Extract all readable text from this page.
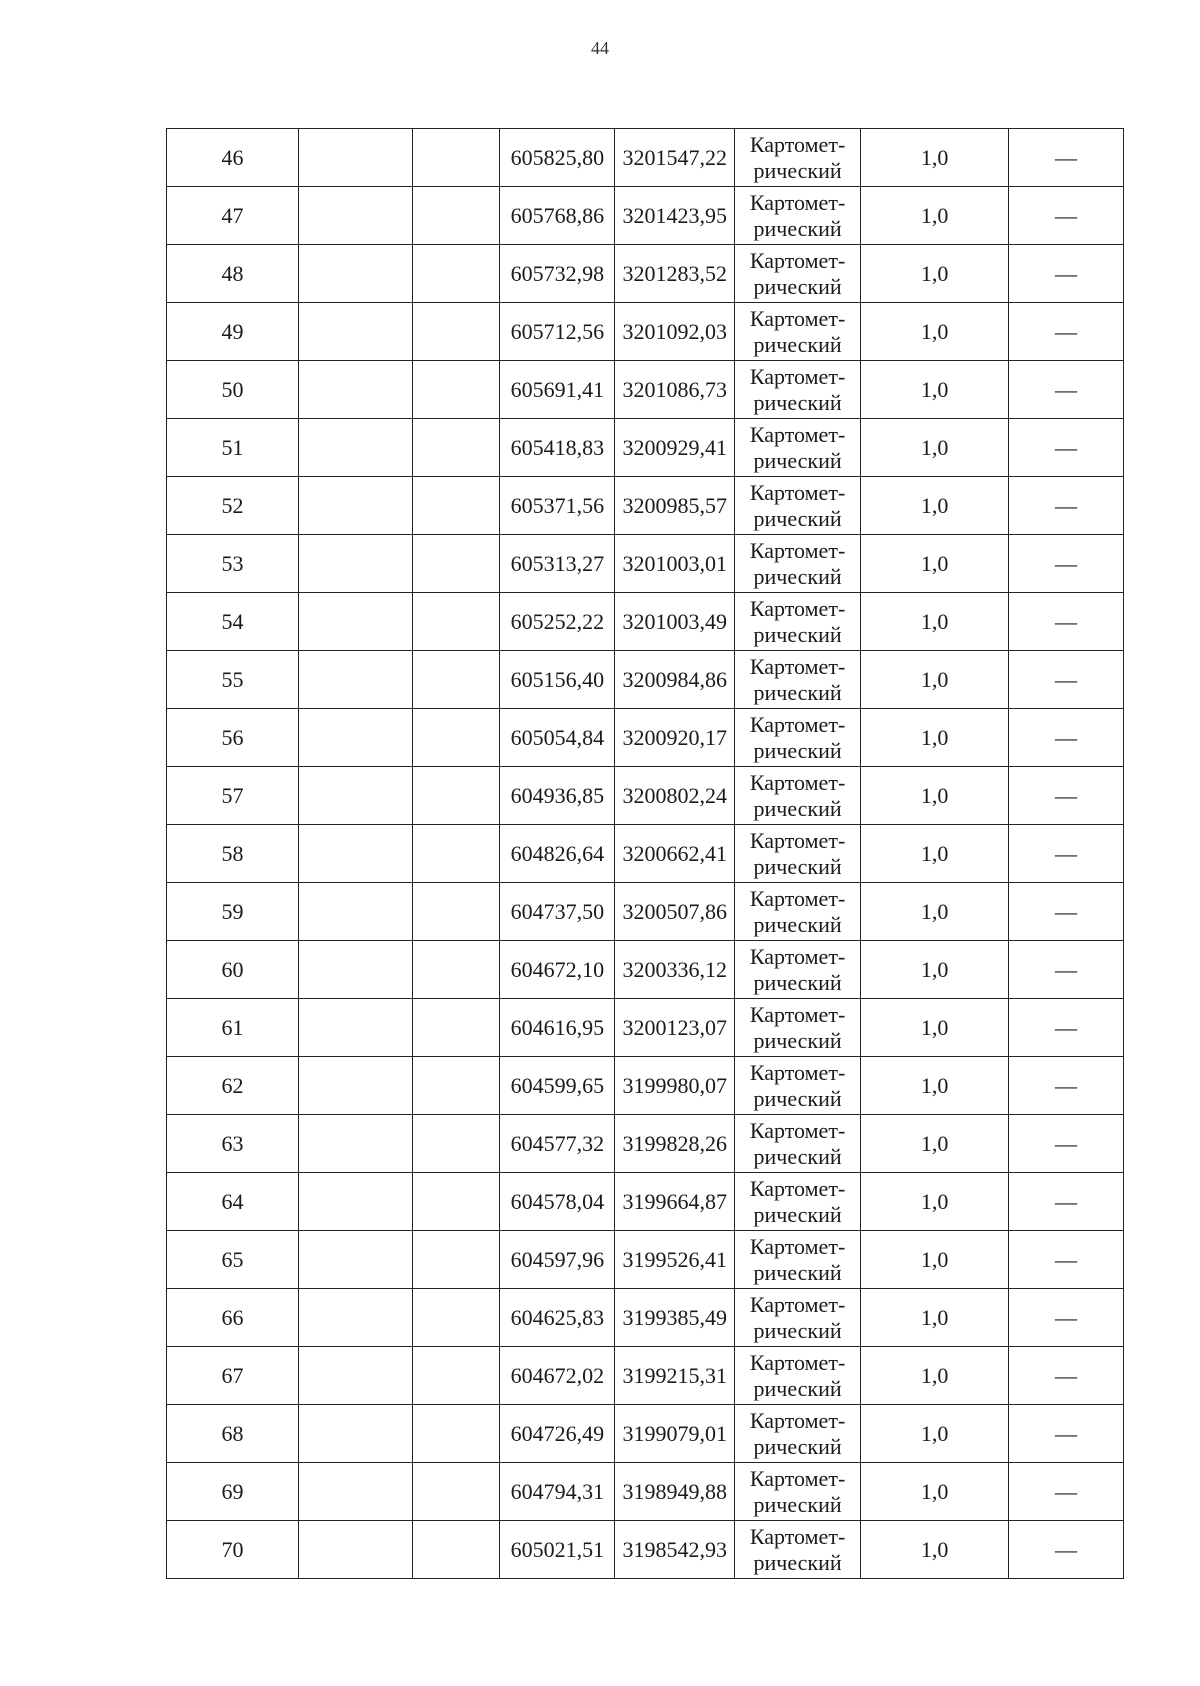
44
46			605825,80	3201547,22	Картомет-
рический	1,0	—

47			605768,86	3201423,95	Картомет-
рический	1,0	—

48			605732,98	3201283,52	Картомет-
рический	1,0	—

49			605712,56	3201092,03	Картомет-
рический	1,0	—

50			605691,41	3201086,73	Картомет-
рический	1,0	—

51			605418,83	3200929,41	Картомет-
рический	1,0	—

52			605371,56	3200985,57	Картомет-
рический	1,0	—

53			605313,27	3201003,01	Картомет-
рический	1,0	—

54			605252,22	3201003,49	Картомет-
рический	1,0	—

55			605156,40	3200984,86	Картомет-
рический	1,0	—

56			605054,84	3200920,17	Картомет-
рический	1,0	—

57			604936,85	3200802,24	Картомет-
рический	1,0	—

58			604826,64	3200662,41	Картомет-
рический	1,0	—

59			604737,50	3200507,86	Картомет-
рический	1,0	—

60			604672,10	3200336,12	Картомет-
рический	1,0	—

61			604616,95	3200123,07	Картомет-
рический	1,0	—

62			604599,65	3199980,07	Картомет-
рический	1,0	—

63			604577,32	3199828,26	Картомет-
рический	1,0	—

64			604578,04	3199664,87	Картомет-
рический	1,0	—

65			604597,96	3199526,41	Картомет-
рический	1,0	—

66			604625,83	3199385,49	Картомет-
рический	1,0	—

67			604672,02	3199215,31	Картомет-
рический	1,0	—

68			604726,49	3199079,01	Картомет-
рический	1,0	—

69			604794,31	3198949,88	Картомет-
рический	1,0	—

70			605021,51	3198542,93	Картомет-
рический	1,0	—
